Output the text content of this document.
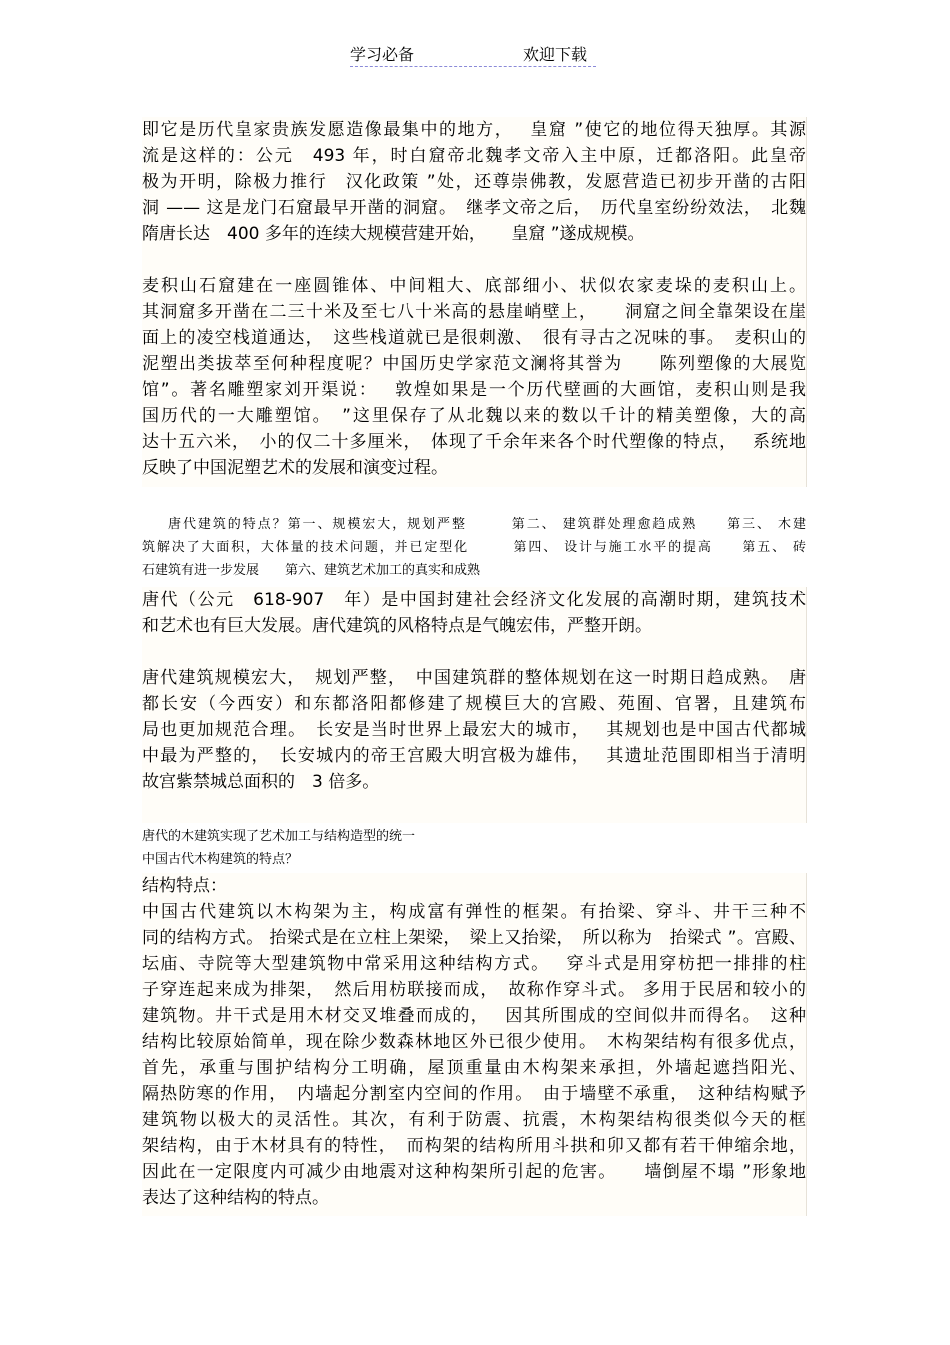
学习必备	欢迎下载
即它是历代皇家贵族发愿造像最集中的地方，　 皇窟 ”使它的地位得天独厚。其源
流是这样的：公元　493 年，时白窟帝北魏孝文帝入主中原，迁都洛阳。此皇帝
极为开明，除极力推行　汉化政策 ”处，还尊崇佛教，发愿营造已初步开凿的古阳
洞 —— 这是龙门石窟最早开凿的洞窟。　继孝文帝之后，　历代皇室纷纷效法，　北魏
隋唐长达　400 多年的连续大规模营建开始，　　皇窟 ”遂成规模。
麦积山石窟建在一座圆锥体、中间粗大、底部细小、状似农家麦垛的麦积山上。
其洞窟多开凿在二三十米及至七八十米高的悬崖峭壁上，　　洞窟之间全靠架设在崖
面上的凌空栈道通达，　这些栈道就已是很刺激、　很有寻古之况味的事。　麦积山的
泥塑出类拔萃至何种程度呢？中国历史学家范文澜将其誉为　　陈列塑像的大展览
馆”。著名雕塑家刘开渠说：　 敦煌如果是一个历代壁画的大画馆，麦积山则是我
国历代的一大雕塑馆。　”这里保存了从北魏以来的数以千计的精美塑像，大的高
达十五六米，　小的仅二十多厘米，　体现了千余年来各个时代塑像的特点，　 系统地
反映了中国泥塑艺术的发展和演变过程。
唐代建筑的特点？第一、规模宏大，规划严整　　　第二、 建筑群处理愈趋成熟　　第三、 木建
筑解决了大面积，大体量的技术问题，并已定型化　　　第四、 设计与施工水平的提高　　第五、 砖
石建筑有进一步发展　　第六、建筑艺术加工的真实和成熟
唐代（公元　618-907　年）是中国封建社会经济文化发展的高潮时期，建筑技术
和艺术也有巨大发展。唐代建筑的风格特点是气魄宏伟，严整开朗。
唐代建筑规模宏大，　规划严整，　中国建筑群的整体规划在这一时期日趋成熟。　唐
都长安（今西安）和东都洛阳都修建了规模巨大的宫殿、苑囿、官署，且建筑布
局也更加规范合理。　长安是当时世界上最宏大的城市，　 其规划也是中国古代都城
中最为严整的，　长安城内的帝王宫殿大明宫极为雄伟，　 其遗址范围即相当于清明
故宫紫禁城总面积的　3 倍多。
唐代的木建筑实现了艺术加工与结构造型的统一
中国古代木构建筑的特点？
结构特点：
中国古代建筑以木构架为主，构成富有弹性的框架。有抬梁、穿斗、井干三种不
同的结构方式。 抬梁式是在立柱上架梁，　梁上又抬梁，　所以称为　抬梁式 ”。宫殿、
坛庙、寺院等大型建筑物中常采用这种结构方式。　 穿斗式是用穿枋把一排排的柱
子穿连起来成为排架，　然后用枋联接而成，　故称作穿斗式。 多用于民居和较小的
建筑物。井干式是用木材交叉堆叠而成的，　 因其所围成的空间似井而得名。　这种
结构比较原始简单，现在除少数森林地区外已很少使用。　木构架结构有很多优点，
首先，承重与围护结构分工明确，屋顶重量由木构架来承担，外墙起遮挡阳光、
隔热防寒的作用，　内墙起分割室内空间的作用。　由于墙壁不承重，　这种结构赋予
建筑物以极大的灵活性。其次，有利于防震、抗震，木构架结构很类似今天的框
架结构，由于木材具有的特性，　而构架的结构所用斗拱和卯又都有若干伸缩余地，
因此在一定限度内可减少由地震对这种构架所引起的危害。　　墙倒屋不塌 ”形象地
表达了这种结构的特点。
